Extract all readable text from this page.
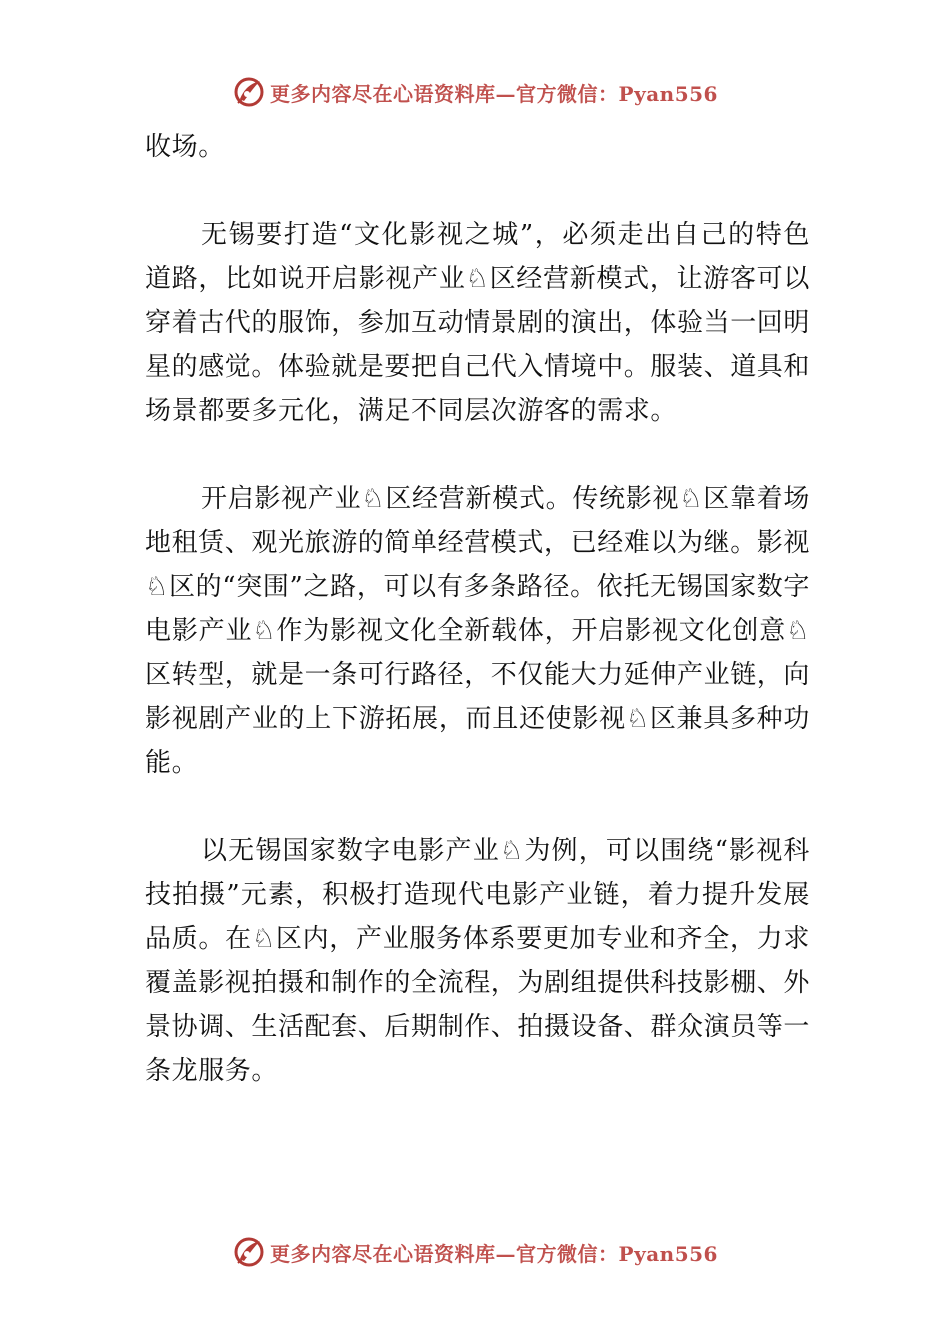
更多内容尽在心语资料库—官方微信：Pyan556

收场。

无锡要打造“文化影视之城”，必须走出自己的特色道路，比如说开启影视产业♘区经营新模式，让游客可以穿着古代的服饰，参加互动情景剧的演出，体验当一回明星的感觉。体验就是要把自己代入情境中。服装、道具和场景都要多元化，满足不同层次游客的需求。

开启影视产业♘区经营新模式。传统影视♘区靠着场地租赁、观光旅游的简单经营模式，已经难以为继。影视♘区的“突围”之路，可以有多条路径。依托无锡国家数字电影产业♘作为影视文化全新载体，开启影视文化创意♘区转型，就是一条可行路径，不仅能大力延伸产业链，向影视剧产业的上下游拓展，而且还使影视♘区兼具多种功能。

以无锡国家数字电影产业♘为例，可以围绕“影视科技拍摄”元素，积极打造现代电影产业链，着力提升发展品质。在♘区内，产业服务体系要更加专业和齐全，力求覆盖影视拍摄和制作的全流程，为剧组提供科技影棚、外景协调、生活配套、后期制作、拍摄设备、群众演员等一条龙服务。

更多内容尽在心语资料库—官方微信：Pyan556
